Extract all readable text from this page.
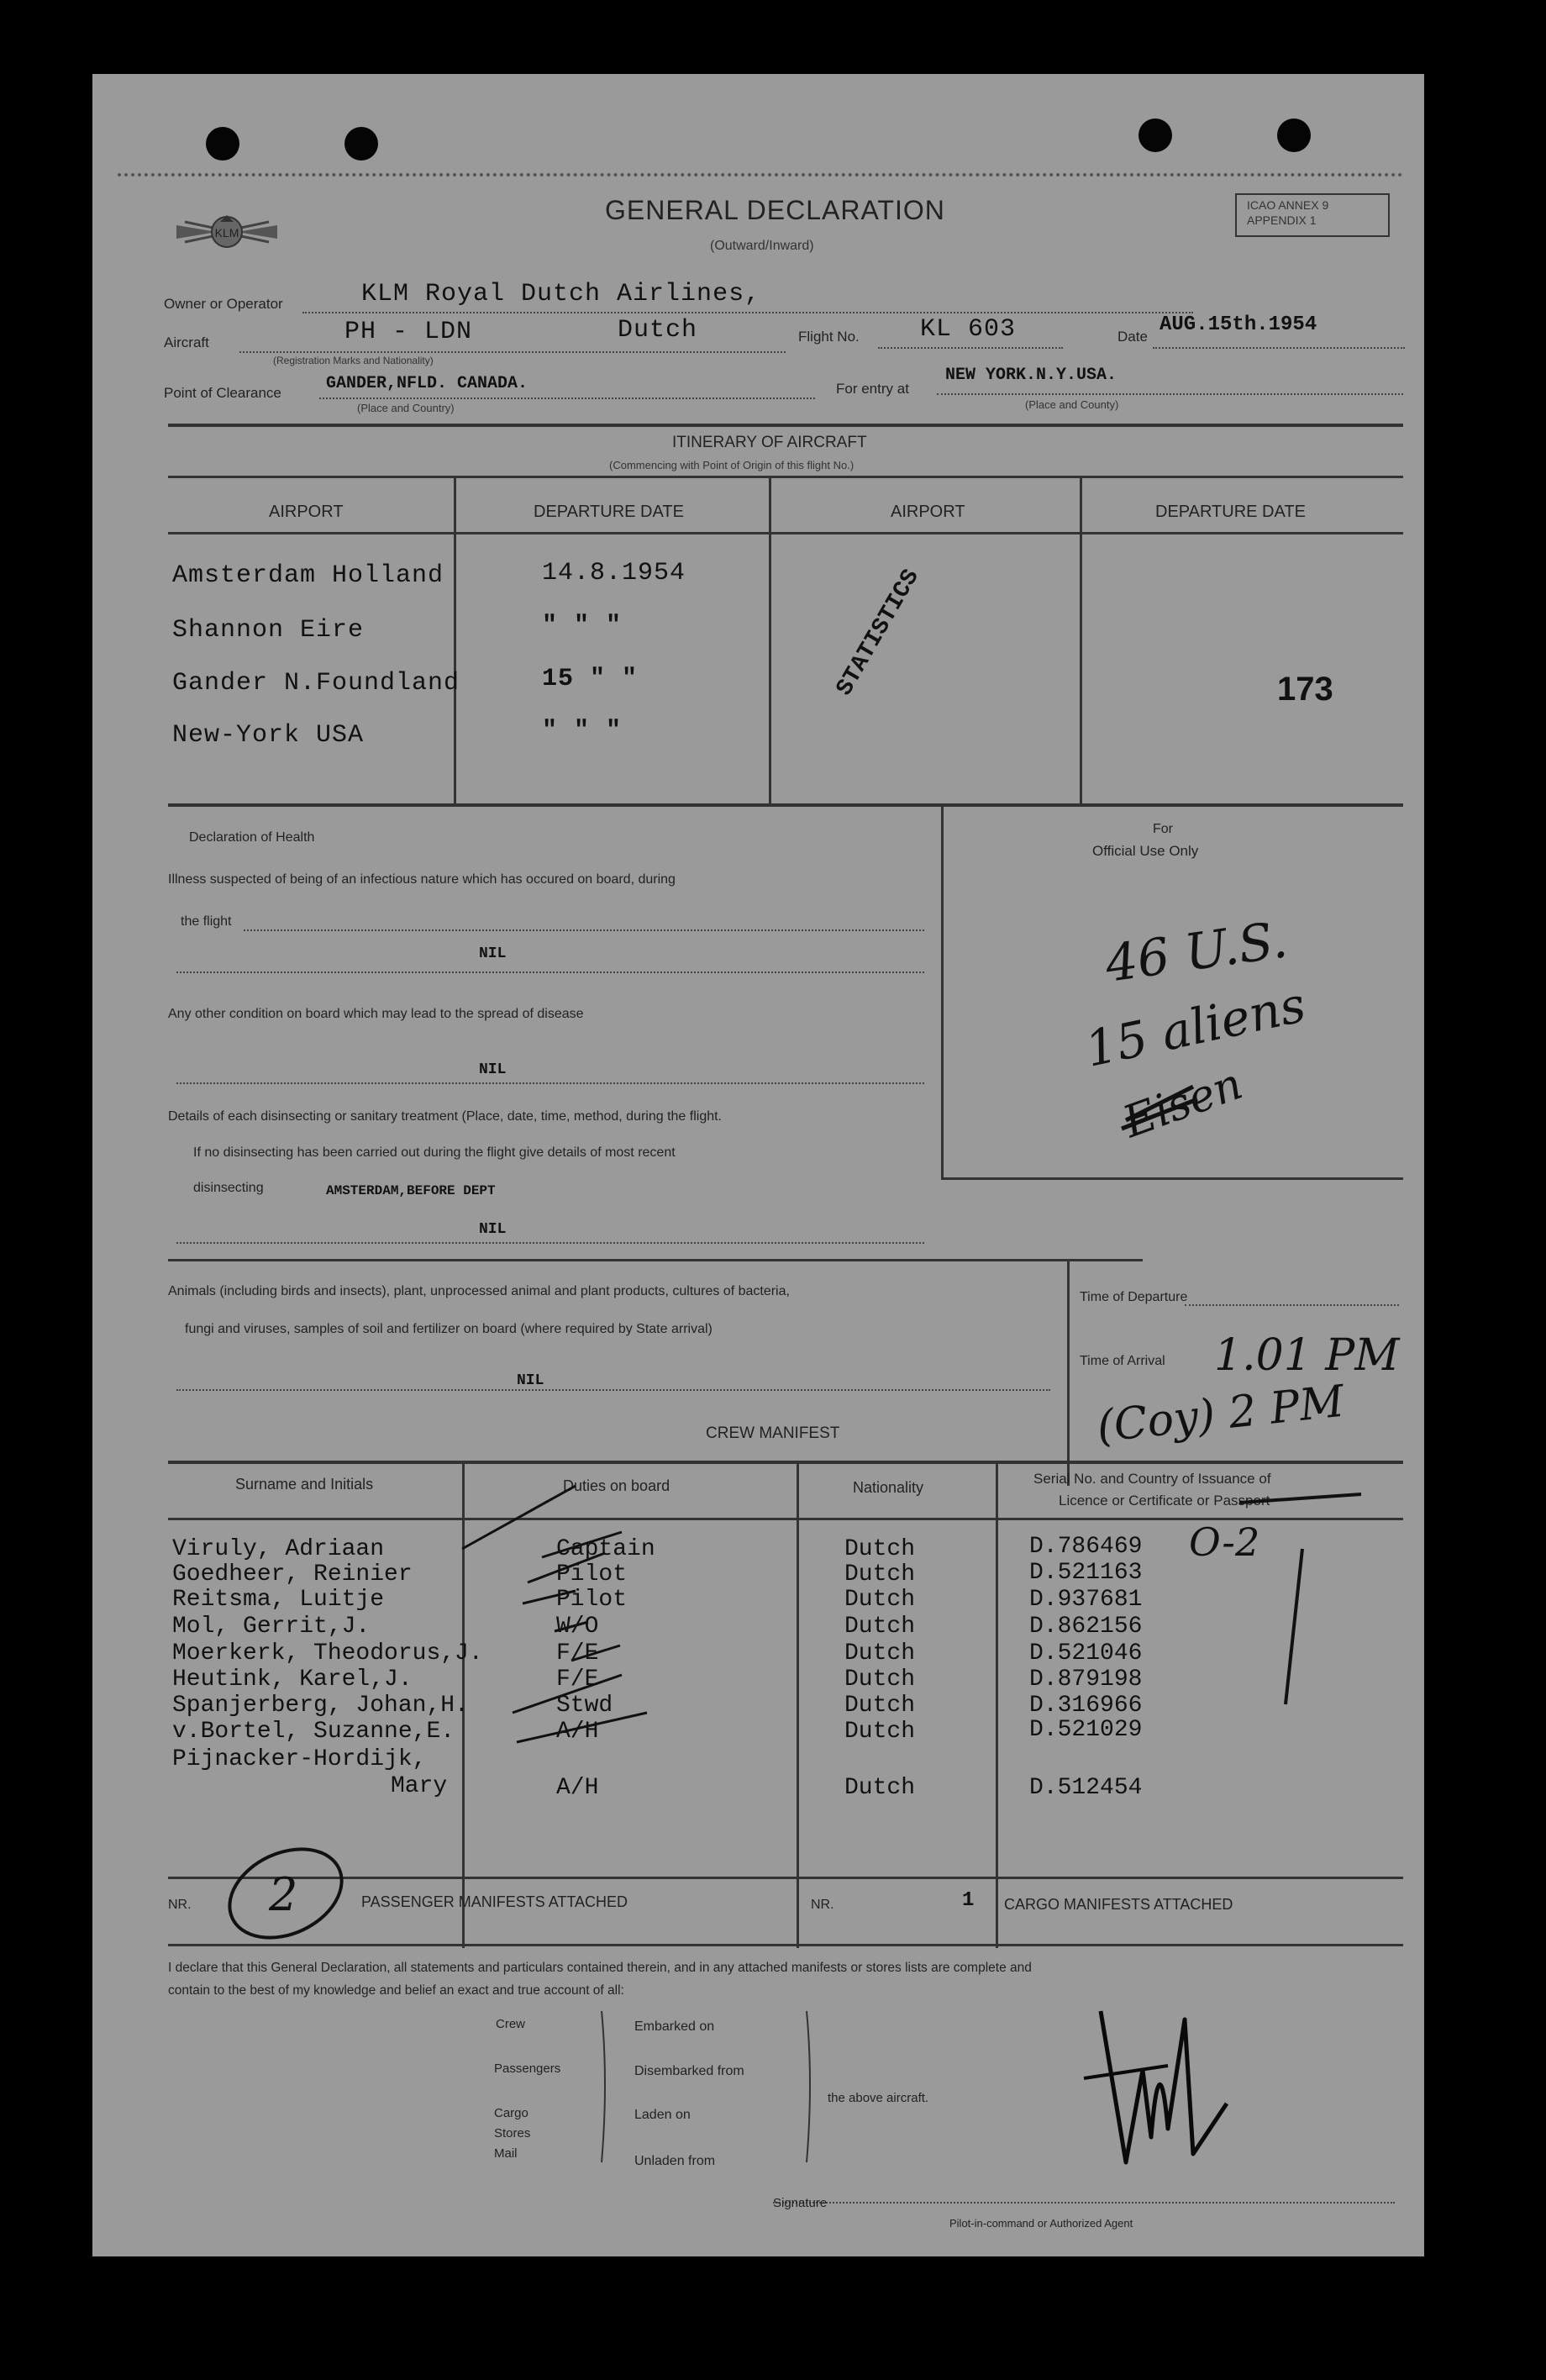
KLM
GENERAL DECLARATION
(Outward/Inward)
ICAO ANNEX 9
APPENDIX 1
Owner or Operator	KLM Royal Dutch Airlines,
Aircraft	PH - LDN	Dutch
(Registration Marks and Nationality)
Flight No. KL 603	Date
AUG.15th.1954
Point of Clearance	GANDER,NFLD. CANADA.
(Place and Country)
For entry at
NEW YORK.N.Y.USA.
(Place and County)
ITINERARY OF AIRCRAFT
(Commencing with Point of Origin of this flight No.)
AIRPORT	DEPARTURE DATE	AIRPORT	DEPARTURE DATE
Amsterdam Holland	14.8.1954
Shannon Eire	" " "
Gander N.Foundland	15 " "
New-York USA	" " "
STATISTICS	173
Declaration of Health
Illness suspected of being of an infectious nature which has occured on board, during
the flight
NIL
Any other condition on board which may lead to the spread of disease
NIL
Details of each disinsecting or sanitary treatment (Place, date, time, method, during the flight.
If no disinsecting has been carried out during the flight give details of most recent
disinsecting	AMSTERDAM,BEFORE DEPT
NIL
For
Official Use Only
46 U.S.
15 aliens
Eisen
Animals (including birds and insects), plant, unprocessed animal and plant products, cultures of bacteria,
fungi and viruses, samples of soil and fertilizer on board (where required by State arrival)
NIL
Time of Departure
Time of Arrival 1.01 PM
(Coy) 2 PM
CREW MANIFEST
Surname and Initials	Duties on board	Nationality
Serial No. and Country of Issuance of
Licence or Certificate or Passport
Viruly, Adriaan	Captain	Dutch	D.786469
Goedheer, Reinier	Pilot	Dutch	D.521163
Reitsma, Luitje	Pilot	Dutch	D.937681
Mol, Gerrit,J.	W/O	Dutch	D.862156
Moerkerk, Theodorus,J.	F/E	Dutch	D.521046
Heutink, Karel,J.	F/E	Dutch	D.879198
Spanjerberg, Johan,H.	Stwd	Dutch	D.316966
v.Bortel, Suzanne,E.	A/H	Dutch	D.521029
Pijnacker-Hordijk,
Mary	A/H	Dutch	D.512454
O-2
NR. 2	PASSENGER MANIFESTS ATTACHED	NR.	1 CARGO MANIFESTS ATTACHED
I declare that this General Declaration, all statements and particulars contained therein, and in any attached manifests or stores lists are complete and
contain to the best of my knowledge and belief an exact and true account of all:
Crew
Passengers
Cargo
Stores
Mail
Embarked on
Disembarked from
Laden on
Unladen from
the above aircraft.
Signature
Pilot-in-command or Authorized Agent
